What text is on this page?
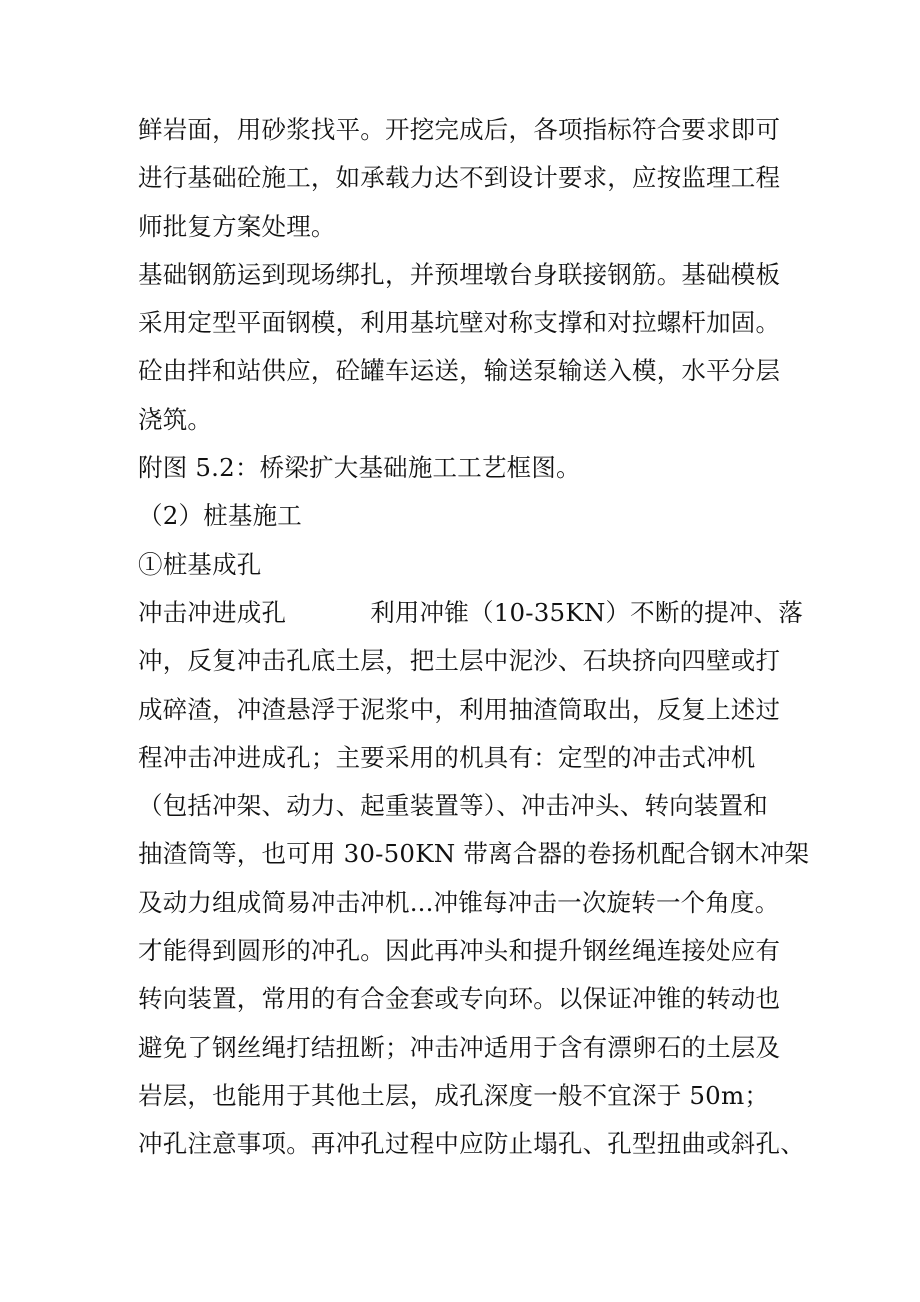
鲜岩面，用砂浆找平。开挖完成后，各项指标符合要求即可
进行基础砼施工，如承载力达不到设计要求，应按监理工程
师批复方案处理。
基础钢筋运到现场绑扎，并预埋墩台身联接钢筋。基础模板
采用定型平面钢模，利用基坑壁对称支撑和对拉螺杆加固。
砼由拌和站供应，砼罐车运送，输送泵输送入模，水平分层
浇筑。
附图 5.2：桥梁扩大基础施工工艺框图。
（2）桩基施工
①桩基成孔
冲击冲进成孔	利用冲锥（10-35KN）不断的提冲、落
冲，反复冲击孔底土层，把土层中泥沙、石块挤向四壁或打
成碎渣，冲渣悬浮于泥浆中，利用抽渣筒取出，反复上述过
程冲击冲进成孔；主要采用的机具有：定型的冲击式冲机
（包括冲架、动力、起重装置等）、冲击冲头、转向装置和
抽渣筒等，也可用 30-50KN 带离合器的卷扬机配合钢木冲架
及动力组成简易冲击冲机...冲锥每冲击一次旋转一个角度。
才能得到圆形的冲孔。因此再冲头和提升钢丝绳连接处应有
转向装置，常用的有合金套或专向环。以保证冲锥的转动也
避免了钢丝绳打结扭断；冲击冲适用于含有漂卵石的土层及
岩层，也能用于其他土层，成孔深度一般不宜深于 50m；
冲孔注意事项。再冲孔过程中应防止塌孔、孔型扭曲或斜孔、
